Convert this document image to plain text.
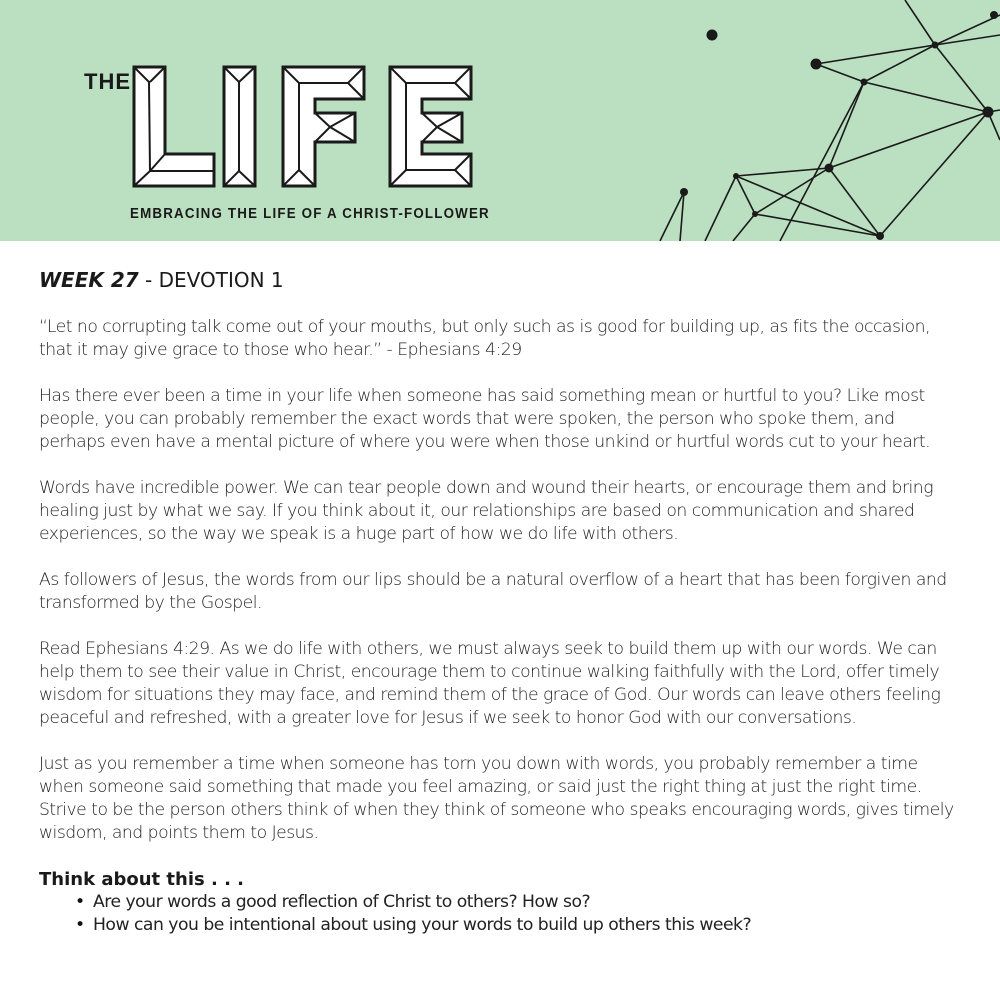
THE
EMBRACING THE LIFE OF A CHRIST-FOLLOWER
WEEK 27 - DEVOTION 1

“Let no corrupting talk come out of your mouths, but only such as is good for building up, as fits the occasion, that it may give grace to those who hear.” - Ephesians 4:29

Has there ever been a time in your life when someone has said something mean or hurtful to you? Like most people, you can probably remember the exact words that were spoken, the person who spoke them, and perhaps even have a mental picture of where you were when those unkind or hurtful words cut to your heart.

Words have incredible power. We can tear people down and wound their hearts, or encourage them and bring healing just by what we say. If you think about it, our relationships are based on communication and shared experiences, so the way we speak is a huge part of how we do life with others.

As followers of Jesus, the words from our lips should be a natural overflow of a heart that has been forgiven and transformed by the Gospel.

Read Ephesians 4:29. As we do life with others, we must always seek to build them up with our words. We can help them to see their value in Christ, encourage them to continue walking faithfully with the Lord, offer timely wisdom for situations they may face, and remind them of the grace of God. Our words can leave others feeling peaceful and refreshed, with a greater love for Jesus if we seek to honor God with our conversations.

Just as you remember a time when someone has torn you down with words, you probably remember a time when someone said something that made you feel amazing, or said just the right thing at just the right time. Strive to be the person others think of when they think of someone who speaks encouraging words, gives timely wisdom, and points them to Jesus.

Think about this . . .
• Are your words a good reflection of Christ to others? How so?
• How can you be intentional about using your words to build up others this week?
